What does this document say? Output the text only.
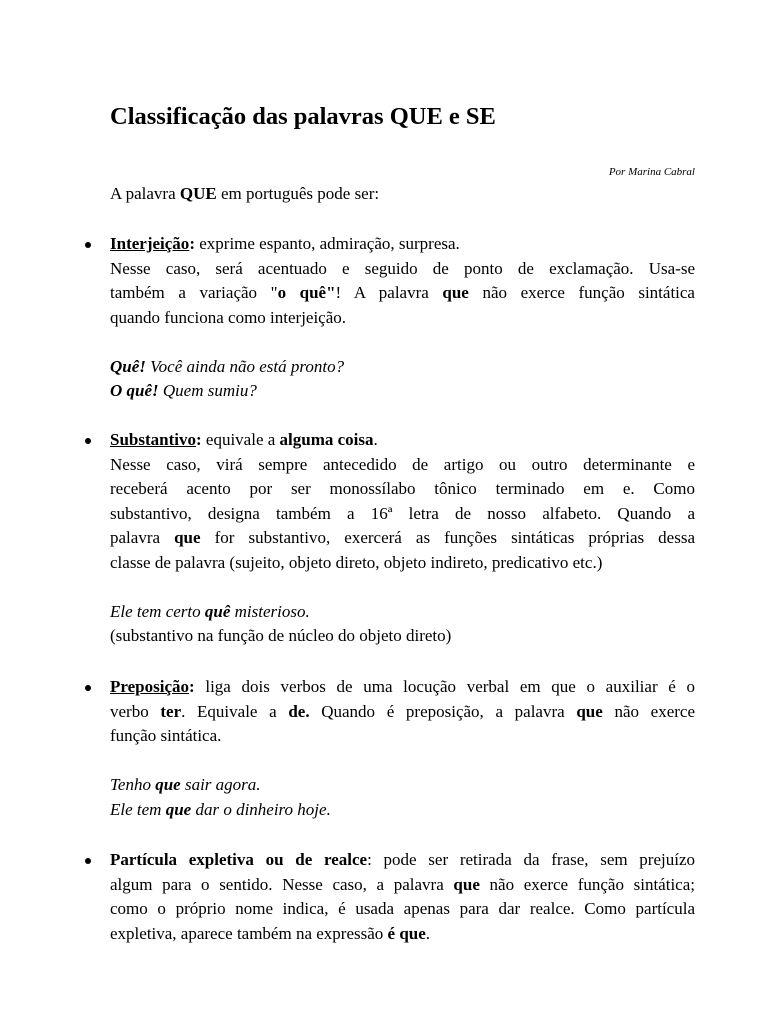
Classificação das palavras QUE e SE
Por Marina Cabral
A palavra QUE em português pode ser:
Interjeição: exprime espanto, admiração, surpresa.
Nesse caso, será acentuado e seguido de ponto de exclamação. Usa-se
também a variação "o quê"! A palavra que não exerce função sintática
quando funciona como interjeição.
Quê! Você ainda não está pronto?
O quê! Quem sumiu?
Substantivo: equivale a alguma coisa.
Nesse caso, virá sempre antecedido de artigo ou outro determinante e
receberá acento por ser monossílabo tônico terminado em e. Como
substantivo, designa também a 16ª letra de nosso alfabeto. Quando a
palavra que for substantivo, exercerá as funções sintáticas próprias dessa
classe de palavra (sujeito, objeto direto, objeto indireto, predicativo etc.)
Ele tem certo quê misterioso.
(substantivo na função de núcleo do objeto direto)
Preposição: liga dois verbos de uma locução verbal em que o auxiliar é o
verbo ter. Equivale a de. Quando é preposição, a palavra que não exerce
função sintática.
Tenho que sair agora.
Ele tem que dar o dinheiro hoje.
Partícula expletiva ou de realce: pode ser retirada da frase, sem prejuízo
algum para o sentido. Nesse caso, a palavra que não exerce função sintática;
como o próprio nome indica, é usada apenas para dar realce. Como partícula
expletiva, aparece também na expressão é que.
